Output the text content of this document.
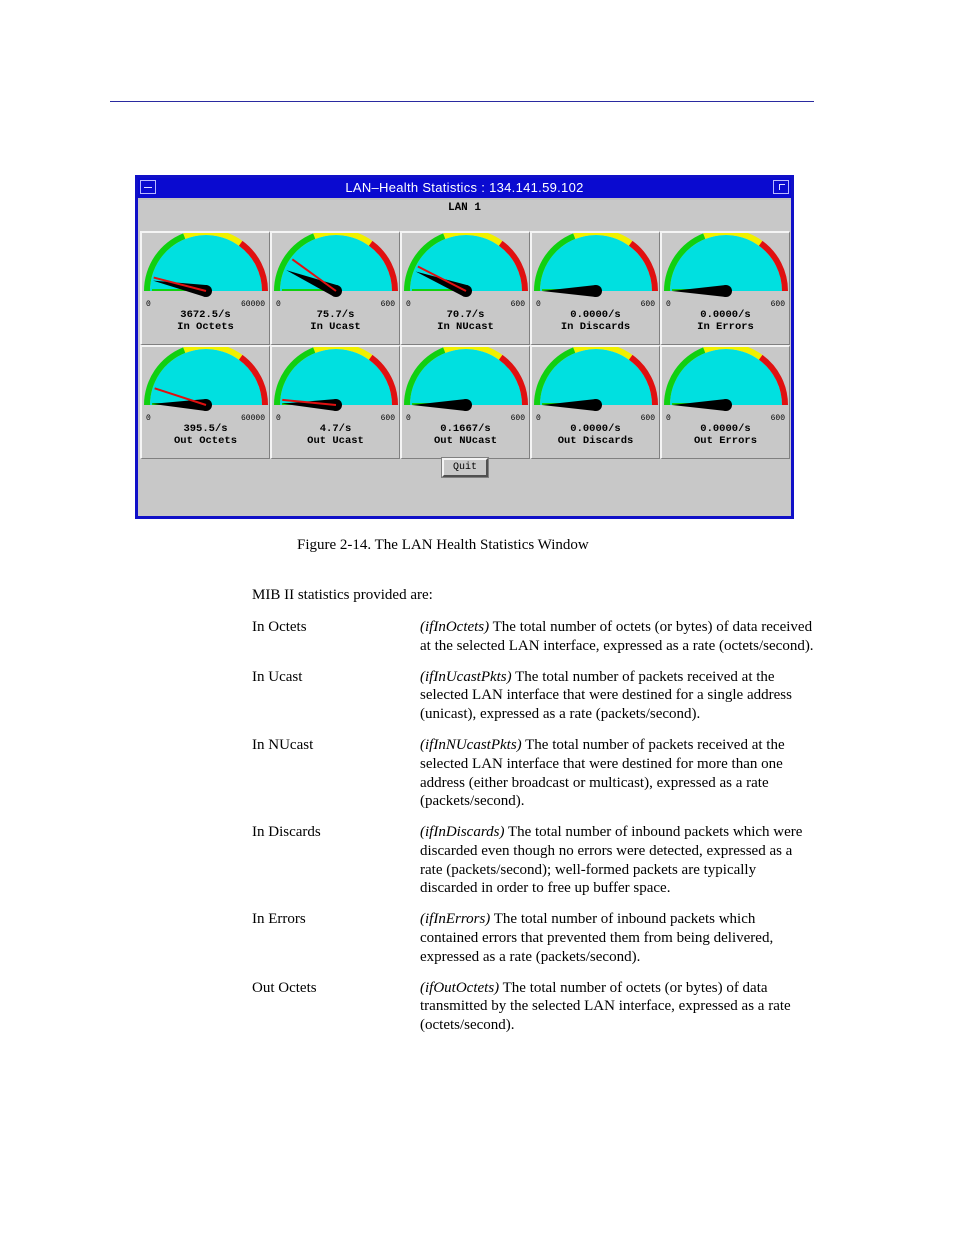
LAN–Health Statistics : 134.141.59.102
LAN 1
0	60000
3672.5/s
In Octets
0	600
75.7/s
In Ucast
0	600
70.7/s
In NUcast
0	600
0.0000/s
In Discards
0	600
0.0000/s
In Errors
0	60000
395.5/s
Out Octets
0	600
4.7/s
Out Ucast
0	600
0.1667/s
Out NUcast
0	600
0.0000/s
Out Discards
0	600
0.0000/s
Out Errors
Quit
Figure 2-14. The LAN Health Statistics Window
MIB II statistics provided are:
In Octets	(ifInOctets) The total number of octets (or bytes) of data received at the selected LAN interface, expressed as a rate (octets/second).
In Ucast	(ifInUcastPkts) The total number of packets received at the selected LAN interface that were destined for a single address (unicast), expressed as a rate (packets/second).
In NUcast	(ifInNUcastPkts) The total number of packets received at the selected LAN interface that were destined for more than one address (either broadcast or multicast), expressed as a rate (packets/second).
In Discards	(ifInDiscards) The total number of inbound packets which were discarded even though no errors were detected, expressed as a rate (packets/second); well-formed packets are typically discarded in order to free up buffer space.
In Errors	(ifInErrors) The total number of inbound packets which contained errors that prevented them from being delivered, expressed as a rate (packets/second).
Out Octets	(ifOutOctets) The total number of octets (or bytes) of data transmitted by the selected LAN interface, expressed as a rate (octets/second).
